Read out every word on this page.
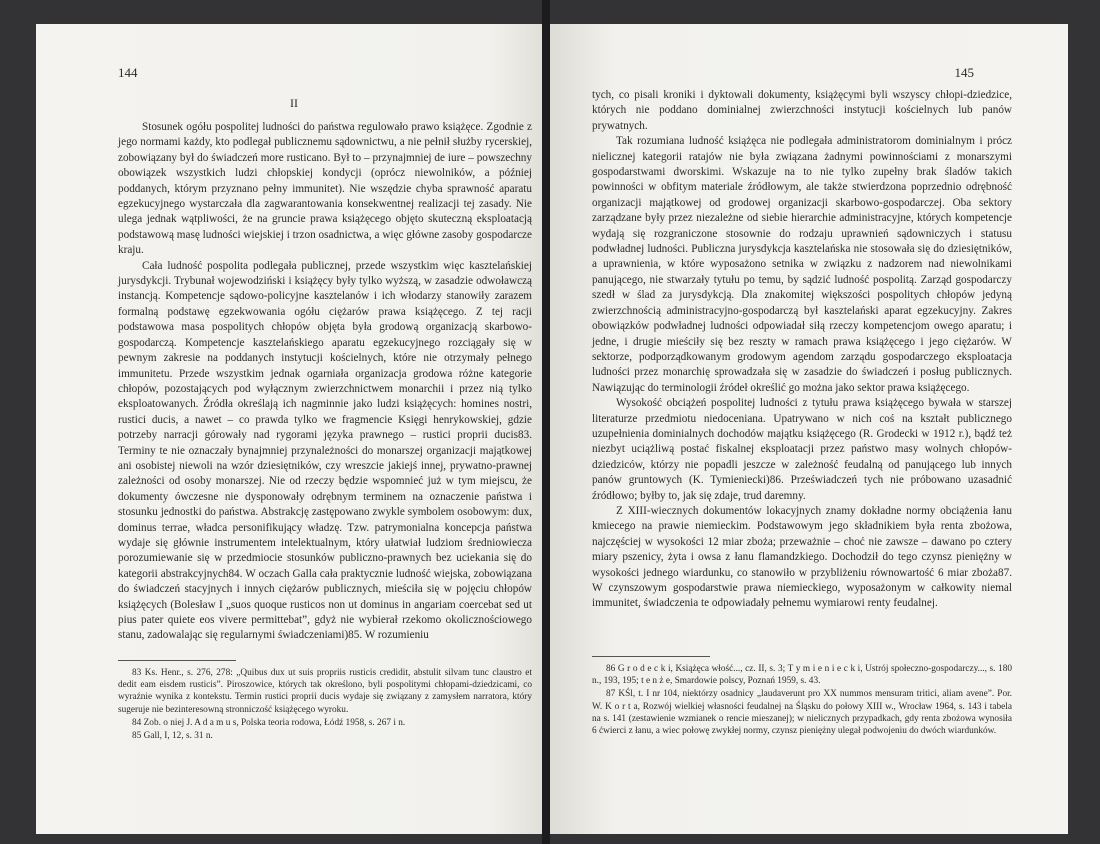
144
II

Stosunek ogółu pospolitej ludności do państwa regulowało prawo książęce. Zgodnie z jego normami każdy, kto podlegał publicznemu sądownictwu, a nie pełnił służby rycerskiej, zobowiązany był do świadczeń more rusticano. Był to – przynajmniej de iure – powszechny obowiązek wszystkich ludzi chłopskiej kondycji (oprócz niewolników, a później poddanych, którym przyznano pełny immunitet). Nie wszędzie chyba sprawność aparatu egzekucyjnego wystarczała dla zagwarantowania konsekwentnej realizacji tej zasady. Nie ulega jednak wątpliwości, że na gruncie prawa książęcego objęto skuteczną eksploatacją podstawową masę ludności wiejskiej i trzon osadnictwa, a więc główne zasoby gospodarcze kraju.

Cała ludność pospolita podlegała publicznej, przede wszystkim więc kasztelańskiej jurysdykcji. Trybunał wojewodziński i książęcy były tylko wyższą, w zasadzie odwoławczą instancją. Kompetencje sądowo-policyjne kasztelanów i ich włodarzy stanowiły zarazem formalną podstawę egzekwowania ogółu ciężarów prawa książęcego. Z tej racji podstawowa masa pospolitych chłopów objęta była grodową organizacją skarbowo-gospodarczą. Kompetencje kasztelańskiego aparatu egzekucyjnego rozciągały się w pewnym zakresie na poddanych instytucji kościelnych, które nie otrzymały pełnego immunitetu. Przede wszystkim jednak ogarniała organizacja grodowa różne kategorie chłopów, pozostających pod wyłącznym zwierzchnictwem monarchii i przez nią tylko eksploatowanych. Źródła określają ich nagminnie jako ludzi książęcych: homines nostri, rustici ducis, a nawet – co prawda tylko we fragmencie Księgi henrykowskiej, gdzie potrzeby narracji górowały nad rygorami języka prawnego – rustici proprii ducis83. Terminy te nie oznaczały bynajmniej przynależności do monarszej organizacji majątkowej ani osobistej niewoli na wzór dziesiętników, czy wreszcie jakiejś innej, prywatno-prawnej zależności od osoby monarszej. Nie od rzeczy będzie wspomnieć już w tym miejscu, że dokumenty ówczesne nie dysponowały odrębnym terminem na oznaczenie państwa i stosunku jednostki do państwa. Abstrakcję zastępowano zwykle symbolem osobowym: dux, dominus terrae, władca personifikujący władzę. Tzw. patrymonialna koncepcja państwa wydaje się głównie instrumentem intelektualnym, który ułatwiał ludziom średniowiecza porozumiewanie się w przedmiocie stosunków publiczno-prawnych bez uciekania się do kategorii abstrakcyjnych84. W oczach Galla cała praktycznie ludność wiejska, zobowiązana do świadczeń stacyjnych i innych ciężarów publicznych, mieściła się w pojęciu chłopów książęcych (Bolesław I „suos quoque rusticos non ut dominus in angariam coercebat sed ut pius pater quiete eos vivere permittebat”, gdyż nie wybierał rzekomo okolicznościowego stanu, zadowalając się regularnymi świadczeniami)85. W rozumieniu

83 Ks. Henr., s. 276, 278: „Quibus dux ut suis propriis rusticis credidit, abstulit silvam tunc claustro et dedit eam eisdem rusticis”. Piroszowice, których tak określono, byli pospolitymi chłopami-dziedzicami, co wyraźnie wynika z kontekstu. Termin rustici proprii ducis wydaje się związany z zamysłem narratora, który sugeruje nie bezinteresowną stronniczość książęcego wyroku.

84 Zob. o niej J. A d a m u s, Polska teoria rodowa, Łódź 1958, s. 267 i n.

85 Gall, I, 12, s. 31 n.

145

tych, co pisali kroniki i dyktowali dokumenty, książęcymi byli wszyscy chłopi-dziedzice, których nie poddano dominialnej zwierzchności instytucji kościelnych lub panów prywatnych.

Tak rozumiana ludność książęca nie podlegała administratorom dominialnym i prócz nielicznej kategorii ratajów nie była związana żadnymi powinnościami z monarszymi gospodarstwami dworskimi. Wskazuje na to nie tylko zupełny brak śladów takich powinności w obfitym materiale źródłowym, ale także stwierdzona poprzednio odrębność organizacji majątkowej od grodowej organizacji skarbowo-gospodarczej. Oba sektory zarządzane były przez niezależne od siebie hierarchie administracyjne, których kompetencje wydają się rozgraniczone stosownie do rodzaju uprawnień sądowniczych i statusu podwładnej ludności. Publiczna jurysdykcja kasztelańska nie stosowała się do dziesiętników, a uprawnienia, w które wyposażono setnika w związku z nadzorem nad niewolnikami panującego, nie stwarzały tytułu po temu, by sądzić ludność pospolitą. Zarząd gospodarczy szedł w ślad za jurysdykcją. Dla znakomitej większości pospolitych chłopów jedyną zwierzchnością administracyjno-gospodarczą był kasztelański aparat egzekucyjny. Zakres obowiązków podwładnej ludności odpowiadał siłą rzeczy kompetencjom owego aparatu; i jedne, i drugie mieściły się bez reszty w ramach prawa książęcego i jego ciężarów. W sektorze, podporządkowanym grodowym agendom zarządu gospodarczego eksploatacja ludności przez monarchię sprowadzała się w zasadzie do świadczeń i posług publicznych. Nawiązując do terminologii źródeł określić go można jako sektor prawa książęcego.

Wysokość obciążeń pospolitej ludności z tytułu prawa książęcego bywała w starszej literaturze przedmiotu niedoceniana. Upatrywano w nich coś na kształt publicznego uzupełnienia dominialnych dochodów majątku książęcego (R. Grodecki w 1912 r.), bądź też niezbyt uciążliwą postać fiskalnej eksploatacji przez państwo masy wolnych chłopów-dziedziców, którzy nie popadli jeszcze w zależność feudalną od panującego lub innych panów gruntowych (K. Tymieniecki)86. Przeświadczeń tych nie próbowano uzasadnić źródłowo; byłby to, jak się zdaje, trud daremny.

Z XIII-wiecznych dokumentów lokacyjnych znamy dokładne normy obciążenia łanu kmiecego na prawie niemieckim. Podstawowym jego składnikiem była renta zbożowa, najczęściej w wysokości 12 miar zboża; przeważnie – choć nie zawsze – dawano po cztery miary pszenicy, żyta i owsa z łanu flamandzkiego. Dochodził do tego czynsz pieniężny w wysokości jednego wiardunku, co stanowiło w przybliżeniu równowartość 6 miar zboża87. W czynszowym gospodarstwie prawa niemieckiego, wyposażonym w całkowity niemal immunitet, świadczenia te odpowiadały pełnemu wymiarowi renty feudalnej.

86 G r o d e c k i, Książęca włość..., cz. II, s. 3; T y m i e n i e c k i, Ustrój społeczno-gospodarczy..., s. 180 n., 193, 195; t e n ż e, Smardowie polscy, Poznań 1959, s. 43.

87 KŚl, t. I nr 104, niektórzy osadnicy „laudaverunt pro XX nummos mensuram tritici, aliam avene”. Por. W. K o r t a, Rozwój wielkiej własności feudalnej na Śląsku do połowy XIII w., Wrocław 1964, s. 143 i tabela na s. 141 (zestawienie wzmianek o rencie mieszanej); w nielicznych przypadkach, gdy renta zbożowa wynosiła 6 ćwierci z łanu, a wiec połowę zwykłej normy, czynsz pieniężny ulegał podwojeniu do dwóch wiardunków.
